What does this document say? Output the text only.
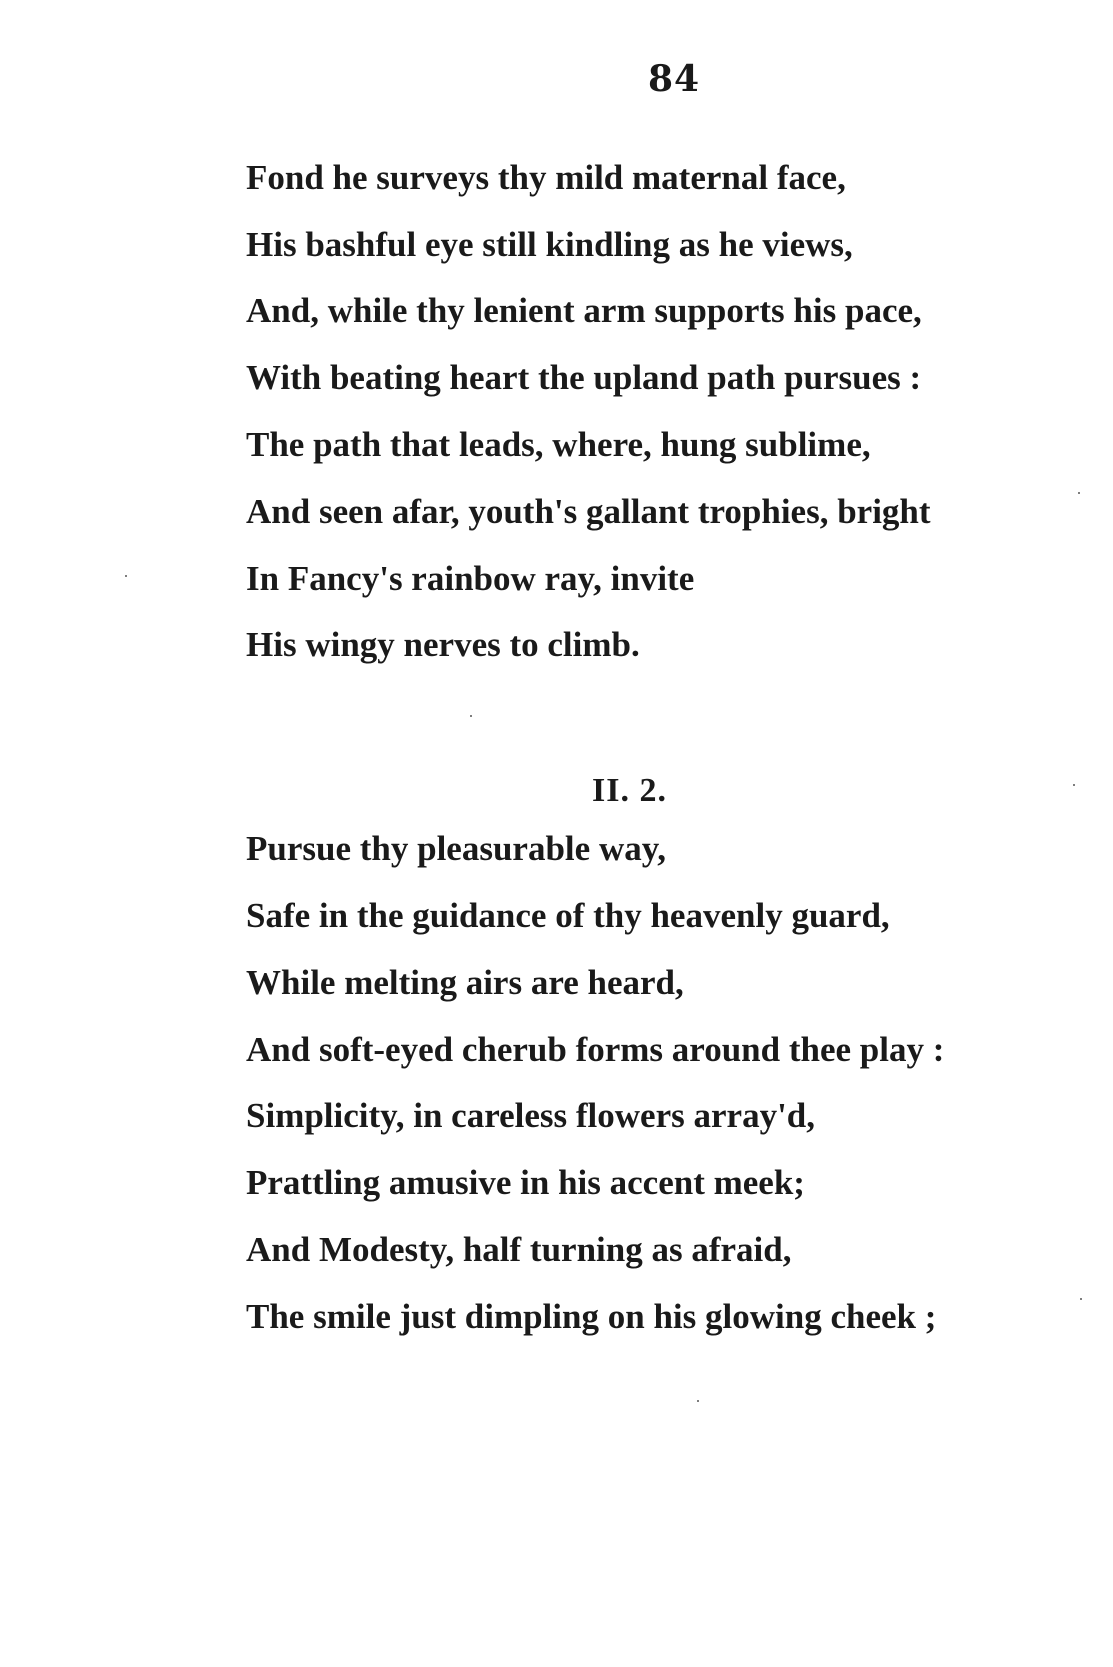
84
Fond he surveys thy mild maternal face,
His bashful eye still kindling as he views,
And, while thy lenient arm supports his pace,
With beating heart the upland path pursues :
The path that leads, where, hung sublime,
And seen afar, youth's gallant trophies, bright
In Fancy's rainbow ray, invite
His wingy nerves to climb.
II. 2.
Pursue thy pleasurable way,
Safe in the guidance of thy heavenly guard,
While melting airs are heard,
And soft-eyed cherub forms around thee play :
Simplicity, in careless flowers array'd,
Prattling amusive in his accent meek;
And Modesty, half turning as afraid,
The smile just dimpling on his glowing cheek ;
